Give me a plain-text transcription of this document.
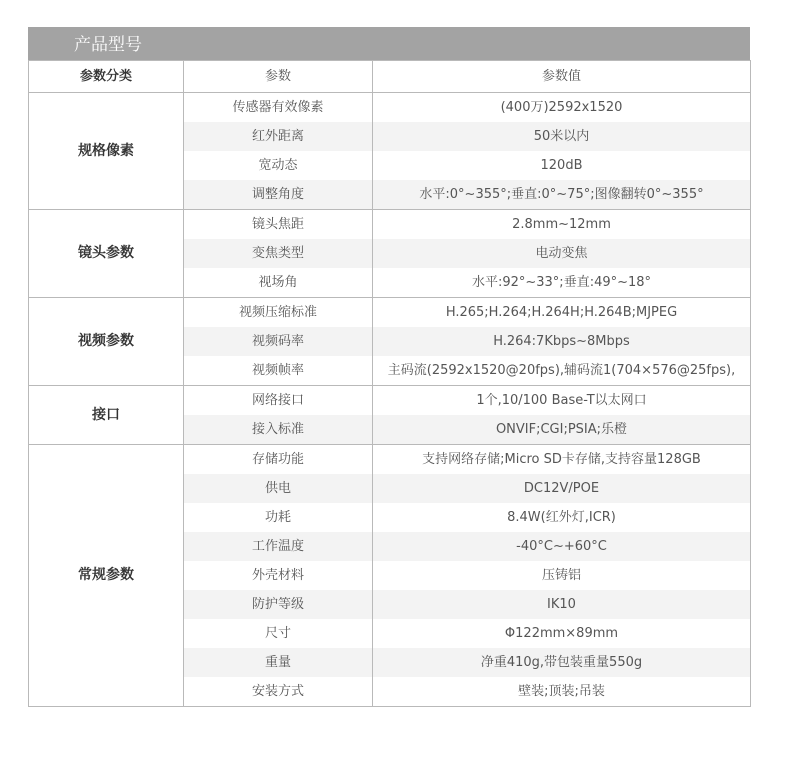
产品型号
参数分类	参数	参数值
规格像素	传感器有效像素	(400万)2592x1520
	红外距离	50米以内
	宽动态	120dB
	调整角度	水平:0°~355°;垂直:0°~75°;图像翻转0°~355°
镜头参数	镜头焦距	2.8mm~12mm
	变焦类型	电动变焦
	视场角	水平:92°~33°;垂直:49°~18°
视频参数	视频压缩标准	H.265;H.264;H.264H;H.264B;MJPEG
	视频码率	H.264:7Kbps~8Mbps
	视频帧率	主码流(2592x1520@20fps),辅码流1(704×576@25fps),
接口	网络接口	1个,10/100 Base-T以太网口
	接入标准	ONVIF;CGI;PSIA;乐橙
常规参数	存储功能	支持网络存储;Micro SD卡存储,支持容量128GB
	供电	DC12V/POE
	功耗	8.4W(红外灯,ICR)
	工作温度	-40°C~+60°C
	外壳材料	压铸铝
	防护等级	IK10
	尺寸	Φ122mm×89mm
	重量	净重410g,带包装重量550g
	安装方式	壁装;顶装;吊装
